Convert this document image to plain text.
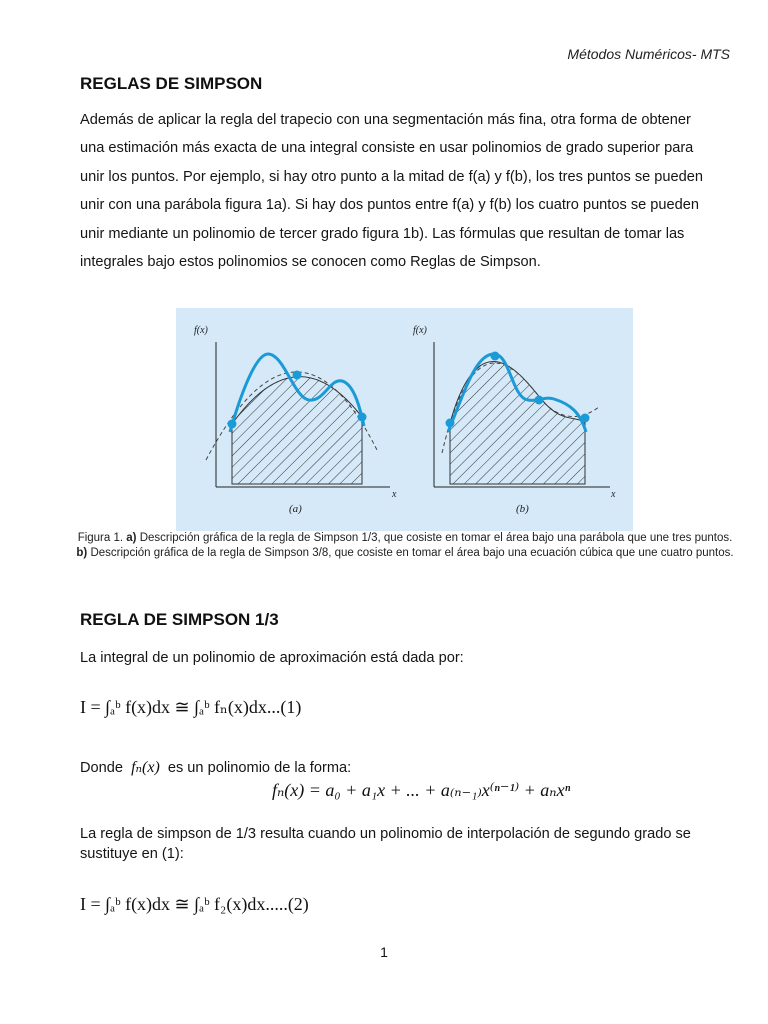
Métodos Numéricos- MTS
REGLAS DE SIMPSON
Además de aplicar la regla del trapecio con una segmentación más fina, otra forma de obtener
una estimación más exacta de una integral consiste en usar polinomios de grado superior para
unir los puntos. Por ejemplo, si hay otro punto a la mitad de f(a) y f(b), los tres puntos se pueden
unir con una parábola figura 1a). Si hay dos puntos entre f(a) y f(b) los cuatro puntos se pueden
unir mediante un polinomio de tercer grado figura 1b). Las fórmulas que resultan de tomar las
integrales bajo estos polinomios se conocen como Reglas de Simpson.
f(x)	f(x)
x	x
(a)	(b)
Figura 1. a) Descripción gráfica de la regla de Simpson 1/3, que cosiste en tomar el área bajo una parábola que une tres puntos. b) Descripción gráfica de la regla de Simpson 3/8, que cosiste en tomar el área bajo una ecuación cúbica que une cuatro puntos.
REGLA DE SIMPSON 1/3
La integral de un polinomio de aproximación está dada por:
I = ∫ₐᵇ f(x)dx ≅ ∫ₐᵇ fₙ(x)dx...(1)
Donde fₙ(x) es un polinomio de la forma:
fₙ(x) = a₀ + a₁x + ... + a₍ₙ₋₁₎x⁽ⁿ⁻¹⁾ + aₙxⁿ
La regla de simpson de 1/3 resulta cuando un polinomio de interpolación de segundo grado se
sustituye en (1):
I = ∫ₐᵇ f(x)dx ≅ ∫ₐᵇ f₂(x)dx.....(2)
1
